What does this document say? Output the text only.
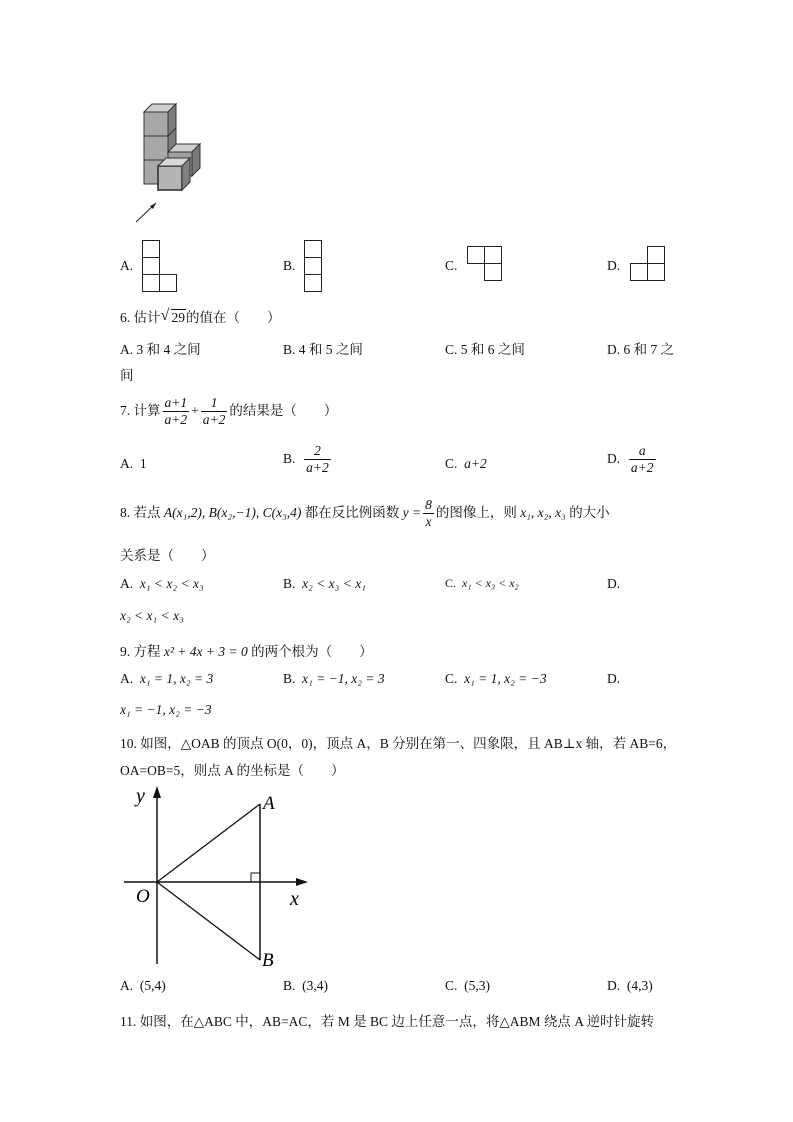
A.	B.	C.	D.
6. 估计 √ 29的值在（　　）
A. 3 和 4 之间	B. 4 和 5 之间	C. 5 和 6 之间	D. 6 和 7 之
间
7. 计算 $\frac{a+1}{a+2} + \frac{1}{a+2}$ 的结果是（　　）
A. 1	B. $\frac{2}{a+2}$	C. a+2	D. $\frac{a}{a+2}$
8. 若点 A(x₁,2), B(x₂,−1), C(x₃,4) 都在反比例函数 $y = \frac{8}{x}$ 的图像上，则 x₁, x₂, x₃ 的大小
关系是（　　）
A. x₁ < x₂ < x₃	B. x₂ < x₃ < x₁	C. x₁ < x₃ < x₂	D.
x₂ < x₁ < x₃
9. 方程 x² + 4x + 3 = 0 的两个根为（　　）
A. x₁ = 1, x₂ = 3	B. x₁ = −1, x₂ = 3	C. x₁ = 1, x₂ = −3	D.
x₁ = −1, x₂ = −3
10. 如图，△OAB 的顶点 O(0，0)，顶点 A，B 分别在第一、四象限，且 AB⊥x 轴，若 AB=6，
OA=OB=5，则点 A 的坐标是（　　）
y
x
O
A
B
A. (5,4)	B. (3,4)	C. (5,3)	D. (4,3)
11. 如图，在△ABC 中，AB=AC，若 M 是 BC 边上任意一点，将△ABM 绕点 A 逆时针旋转
